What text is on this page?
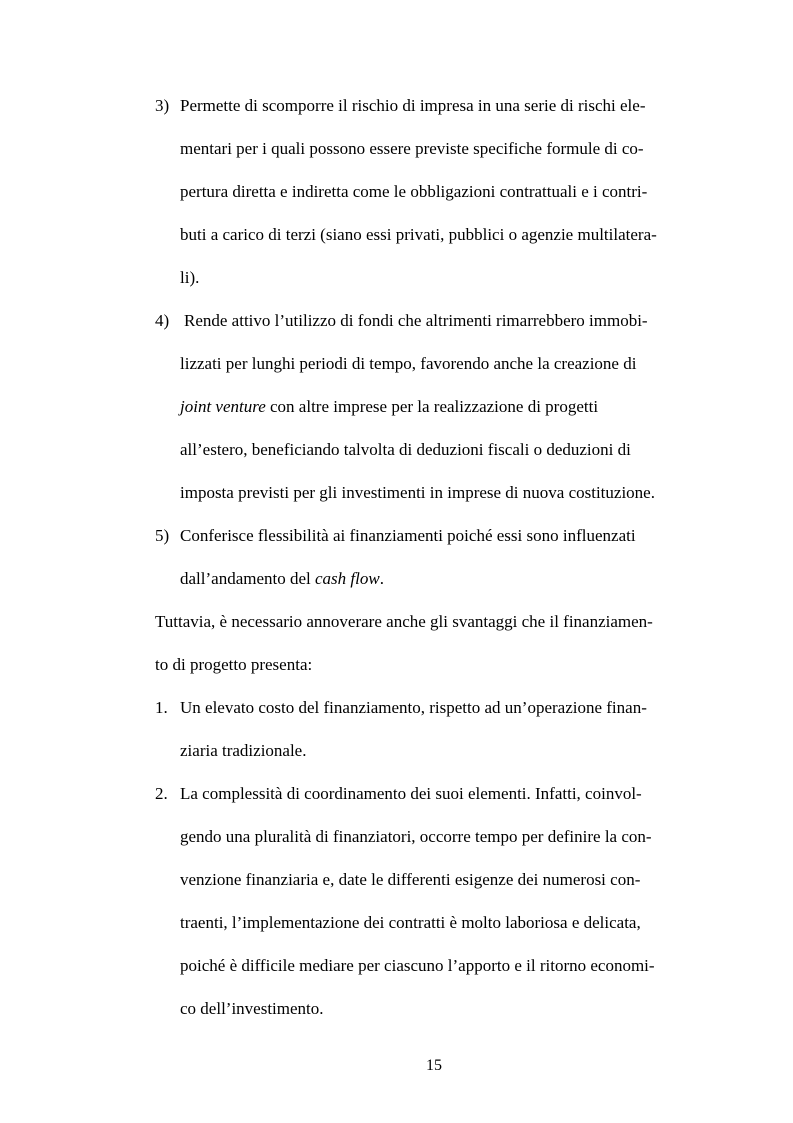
3) Permette di scomporre il rischio di impresa in una serie di rischi ele-

mentari per i quali possono essere previste specifiche formule di co-

pertura diretta e indiretta come le obbligazioni contrattuali e i contri-

buti a carico di terzi (siano essi privati, pubblici o agenzie multilatera-

li).

4) Rende attivo l’utilizzo di fondi che altrimenti rimarrebbero immobi-

lizzati per lunghi periodi di tempo, favorendo anche la creazione di

joint venture con altre imprese per la realizzazione di progetti

all’estero, beneficiando talvolta di deduzioni fiscali o deduzioni di

imposta previsti per gli investimenti in imprese di nuova costituzione.

5) Conferisce flessibilità ai finanziamenti poiché essi sono influenzati

dall’andamento del cash flow.

Tuttavia, è necessario annoverare anche gli svantaggi che il finanziamen-

to di progetto presenta:

1. Un elevato costo del finanziamento, rispetto ad un’operazione finan-

ziaria tradizionale.

2. La complessità di coordinamento dei suoi elementi. Infatti, coinvol-

gendo una pluralità di finanziatori, occorre tempo per definire la con-

venzione finanziaria e, date le differenti esigenze dei numerosi con-

traenti, l’implementazione dei contratti è molto laboriosa e delicata,

poiché è difficile mediare per ciascuno l’apporto e il ritorno economi-

co dell’investimento.

15
